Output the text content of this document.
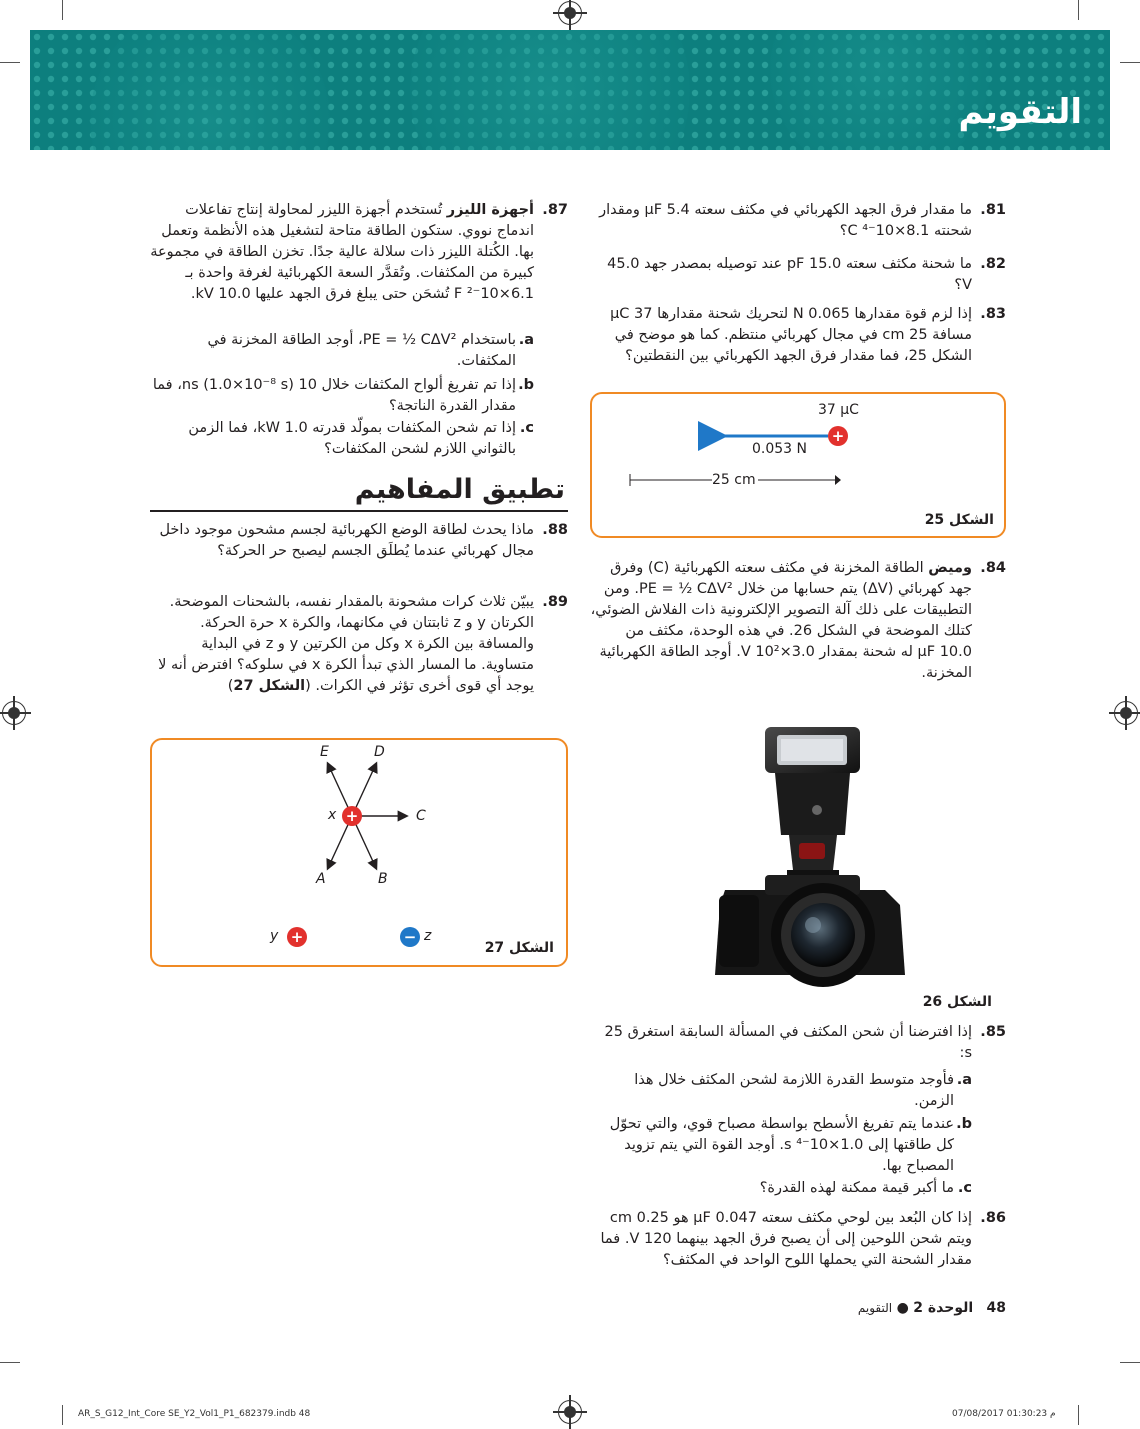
التقويم
87.
أجهزة الليزر تُستخدم أجهزة الليزر لمحاولة إنتاج تفاعلات اندماج نووي. ستكون الطاقة متاحة لتشغيل هذه الأنظمة وتعمل بها. الكُتلة الليزر ذات سلالة عالية جدًا. تخزن الطاقة في مجموعة كبيرة من المكثفات. وتُقدَّر السعة الكهربائية لغرفة واحدة بـ 6.1×10⁻² F تُشحَن حتى يبلغ فرق الجهد عليها 10.0 kV.
a.
باستخدام PE = ½ CΔV²، أوجد الطاقة المخزنة في المكثفات.
b.
إذا تم تفريغ ألواح المكثفات خلال 10 ns (1.0×10⁻⁸ s)، فما مقدار القدرة الناتجة؟
c.
إذا تم شحن المكثفات بمولّد قدرته 1.0 kW، فما الزمن بالثواني اللازم لشحن المكثفات؟
تطبيق المفاهيم
88.
ماذا يحدث لطاقة الوضع الكهربائية لجسم مشحون موجود داخل مجال كهربائي عندما يُطلَق الجسم ليصبح حر الحركة؟
89.
يبيّن ثلاث كرات مشحونة بالمقدار نفسه، بالشحنات الموضحة. الكرتان y و z ثابتتان في مكانهما، والكرة x حرة الحركة. والمسافة بين الكرة x وكل من الكرتين y و z في البداية متساوية. ما المسار الذي تبدأ الكرة x في سلوكه؟ افترض أنه لا يوجد أي قوى أخرى تؤثر في الكرات. (الشكل 27)
+
+	−
E	D
x	C
A	B
y	z
الشكل 27
81.
ما مقدار فرق الجهد الكهربائي في مكثف سعته 5.4 μF ومقدار شحنته 8.1×10⁻⁴ C؟
82.
ما شحنة مكثف سعته 15.0 pF عند توصيله بمصدر جهد 45.0 V؟
83.
إذا لزم قوة مقدارها 0.065 N لتحريك شحنة مقدارها 37 μC مسافة 25 cm في مجال كهربائي منتظم. كما هو موضح في الشكل 25، فما مقدار فرق الجهد الكهربائي بين النقطتين؟
+
37 μC
0.053 N
25 cm
الشكل 25
84.
وميض الطاقة المخزنة في مكثف سعته الكهربائية (C) وفرق جهد كهربائي (ΔV) يتم حسابها من خلال PE = ½ CΔV². ومن التطبيقات على ذلك آلة التصوير الإلكترونية ذات الفلاش الضوئي، كتلك الموضحة في الشكل 26. في هذه الوحدة، مكثف من 10.0 μF له شحنة بمقدار 3.0×10² V. أوجد الطاقة الكهربائية المخزنة.
الشكل 26
85.
إذا افترضنا أن شحن المكثف في المسألة السابقة استغرق 25 s:
a.
فأوجد متوسط القدرة اللازمة لشحن المكثف خلال هذا الزمن.
b.
عندما يتم تفريغ الأسطح بواسطة مصباح قوي، والتي تحوّل كل طاقتها إلى 1.0×10⁻⁴ s. أوجد القوة التي يتم تزويد المصباح بها.
c.
ما أكبر قيمة ممكنة لهذه القدرة؟
86.
إذا كان البُعد بين لوحي مكثف سعته 0.047 μF هو 0.25 cm ويتم شحن اللوحين إلى أن يصبح فرق الجهد بينهما 120 V. فما مقدار الشحنة التي يحملها اللوح الواحد في المكثف؟
48   الوحدة 2 ● التقويم
AR_S_G12_Int_Core SE_Y2_Vol1_P1_682379.indb 48	07/08/2017 01:30:23 م
